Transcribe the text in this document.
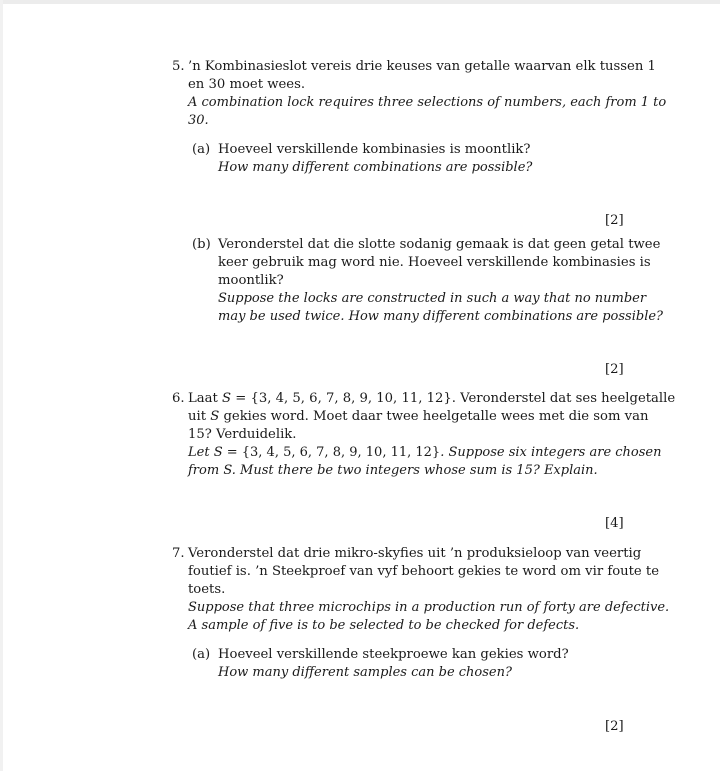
5. ’n Kombinasieslot vereis drie keuses van getalle waarvan elk tussen 1
en 30 moet wees.
A combination lock requires three selections of numbers, each from 1 to
30.
(a) Hoeveel verskillende kombinasies is moontlik?
How many different combinations are possible?
[2]
(b) Veronderstel dat die slotte sodanig gemaak is dat geen getal twee
keer gebruik mag word nie. Hoeveel verskillende kombinasies is
moontlik?
Suppose the locks are constructed in such a way that no number
may be used twice. How many different combinations are possible?
[2]
6. Laat S = {3, 4, 5, 6, 7, 8, 9, 10, 11, 12}. Veronderstel dat ses heelgetalle
uit S gekies word. Moet daar twee heelgetalle wees met die som van
15? Verduidelik.
Let S = {3, 4, 5, 6, 7, 8, 9, 10, 11, 12}. Suppose six integers are chosen
from S. Must there be two integers whose sum is 15? Explain.
[4]
7. Veronderstel dat drie mikro-skyfies uit ’n produksieloop van veertig
foutief is. ’n Steekproef van vyf behoort gekies te word om vir foute te
toets.
Suppose that three microchips in a production run of forty are defective.
A sample of five is to be selected to be checked for defects.
(a) Hoeveel verskillende steekproewe kan gekies word?
How many different samples can be chosen?
[2]
